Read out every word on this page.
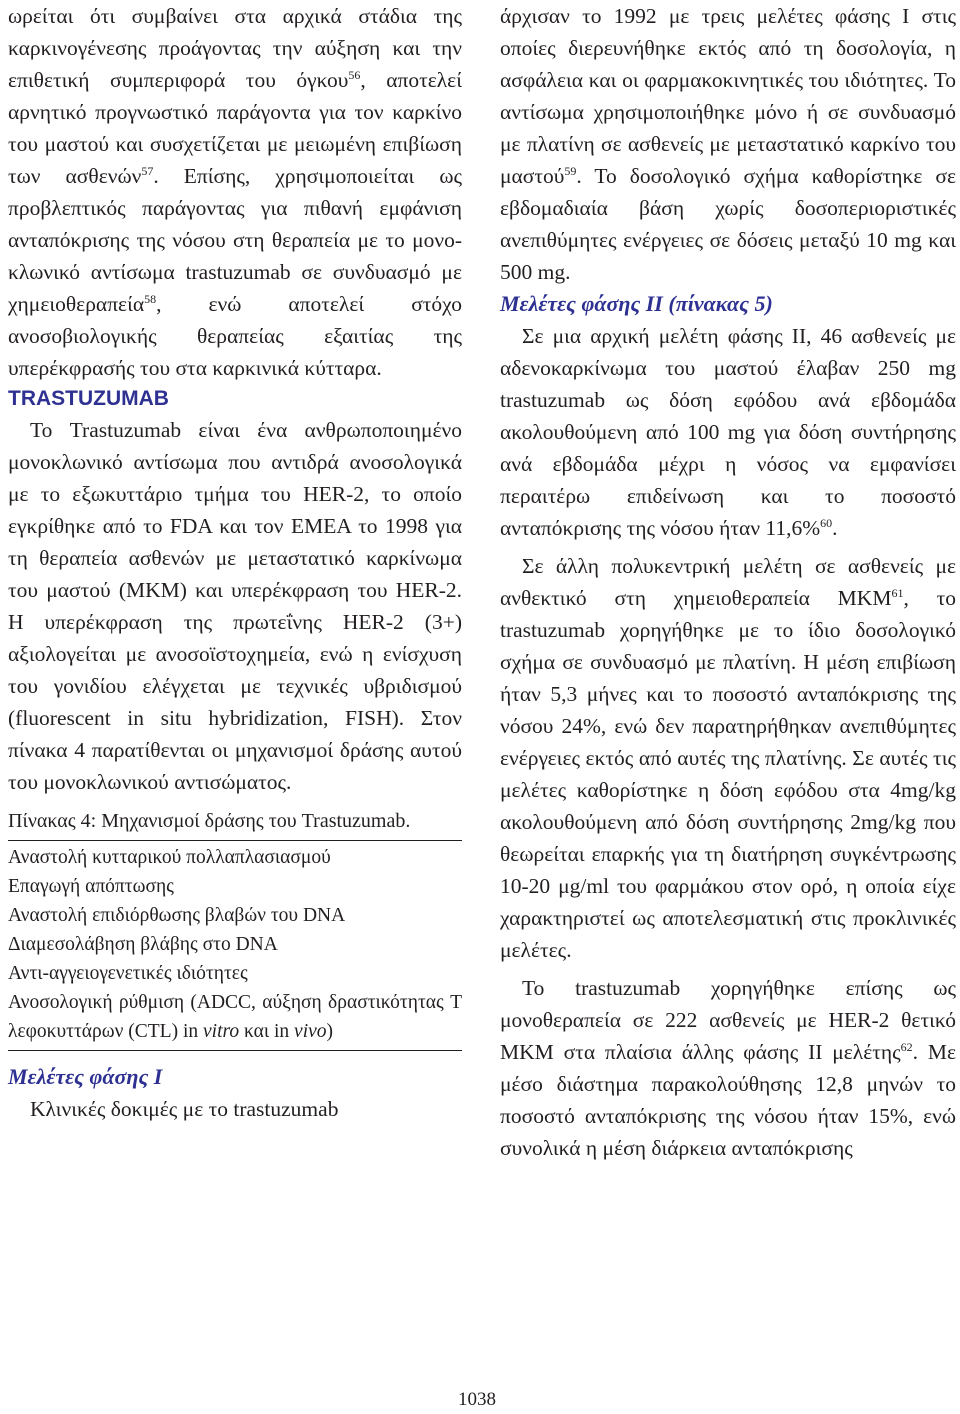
ωρείται ότι συμβαίνει στα αρχικά στάδια της καρκινογένεσης προάγοντας την αύξηση και την επιθετική συμπεριφορά του όγκου$^{56}$, αποτελεί αρνητικό προγνωστικό παράγοντα για τον καρκίνο του μαστού και συσχετίζεται με μειωμένη επιβίωση των ασθενών$^{57}$. Επίσης, χρησιμοποιείται ως προβλεπτικός παράγοντας για πιθανή εμφάνιση ανταπόκρισης της νόσου στη θεραπεία με το μονοκλωνικό αντίσωμα trastuzumab σε συνδυασμό με χημειοθεραπεία$^{58}$, ενώ αποτελεί στόχο ανοσοβιολογικής θεραπείας εξαιτίας της υπερέκφρασής του στα καρκινικά κύτταρα.

TRASTUZUMAB

Το Trastuzumab είναι ένα ανθρωποποιημένο μονοκλωνικό αντίσωμα που αντιδρά ανοσολογικά με το εξωκυττάριο τμήμα του HER-2, το οποίο εγκρίθηκε από το FDA και τον EMEA το 1998 για τη θεραπεία ασθενών με μεταστατικό καρκίνωμα του μαστού (ΜΚΜ) και υπερέκφραση του HER-2. Η υπερέκφραση της πρωτεΐνης HER-2 (3+) αξιολογείται με ανοσοϊστοχημεία, ενώ η ενίσχυση του γονιδίου ελέγχεται με τεχνικές υβριδισμού (fluorescent in situ hybridization, FISH). Στον πίνακα 4 παρατίθενται οι μηχανισμοί δράσης αυτού του μονοκλωνικού αντισώματος.

Πίνακας 4: Μηχανισμοί δράσης του Trastuzumab.

Αναστολή κυτταρικού πολλαπλασιασμού

Επαγωγή απόπτωσης

Αναστολή επιδιόρθωσης βλαβών του DNA

Διαμεσολάβηση βλάβης στο DNA

Αντι-αγγειογενετικές ιδιότητες

Ανοσολογική ρύθμιση (ADCC, αύξηση δραστικότητας T λεφοκυττάρων (CTL) in vitro και in vivo)

Μελέτες φάσης Ι

Κλινικές δοκιμές με το trastuzumab

άρχισαν το 1992 με τρεις μελέτες φάσης Ι στις οποίες διερευνήθηκε εκτός από τη δοσολογία, η ασφάλεια και οι φαρμακοκινητικές του ιδιότητες. Το αντίσωμα χρησιμοποιήθηκε μόνο ή σε συνδυασμό με πλατίνη σε ασθενείς με μεταστατικό καρκίνο του μαστού$^{59}$. Το δοσολογικό σχήμα καθορίστηκε σε εβδομαδιαία βάση χωρίς δοσοπεριοριστικές ανεπιθύμητες ενέργειες σε δόσεις μεταξύ 10 mg και 500 mg.

Μελέτες φάσης ΙΙ (πίνακας 5)

Σε μια αρχική μελέτη φάσης ΙΙ, 46 ασθενείς με αδενοκαρκίνωμα του μαστού έλαβαν 250 mg trastuzumab ως δόση εφόδου ανά εβδομάδα ακολουθούμενη από 100 mg για δόση συντήρησης ανά εβδομάδα μέχρι η νόσος να εμφανίσει περαιτέρω επιδείνωση και το ποσοστό ανταπόκρισης της νόσου ήταν 11,6%$^{60}$.

Σε άλλη πολυκεντρική μελέτη σε ασθενείς με ανθεκτικό στη χημειοθεραπεία ΜΚΜ$^{61}$, το trastuzumab χορηγήθηκε με το ίδιο δοσολογικό σχήμα σε συνδυασμό με πλατίνη. Η μέση επιβίωση ήταν 5,3 μήνες και το ποσοστό ανταπόκρισης της νόσου 24%, ενώ δεν παρατηρήθηκαν ανεπιθύμητες ενέργειες εκτός από αυτές της πλατίνης. Σε αυτές τις μελέτες καθορίστηκε η δόση εφόδου στα 4mg/kg ακολουθούμενη από δόση συντήρησης 2mg/kg που θεωρείται επαρκής για τη διατήρηση συγκέντρωσης 10-20 μg/ml του φαρμάκου στον ορό, η οποία είχε χαρακτηριστεί ως αποτελεσματική στις προκλινικές μελέτες.

Το trastuzumab χορηγήθηκε επίσης ως μονοθεραπεία σε 222 ασθενείς με HER-2 θετικό ΜΚΜ στα πλαίσια άλλης φάσης ΙΙ μελέτης$^{62}$. Με μέσο διάστημα παρακολούθησης 12,8 μηνών το ποσοστό ανταπόκρισης της νόσου ήταν 15%, ενώ συνολικά η μέση διάρκεια ανταπόκρισης

1038
